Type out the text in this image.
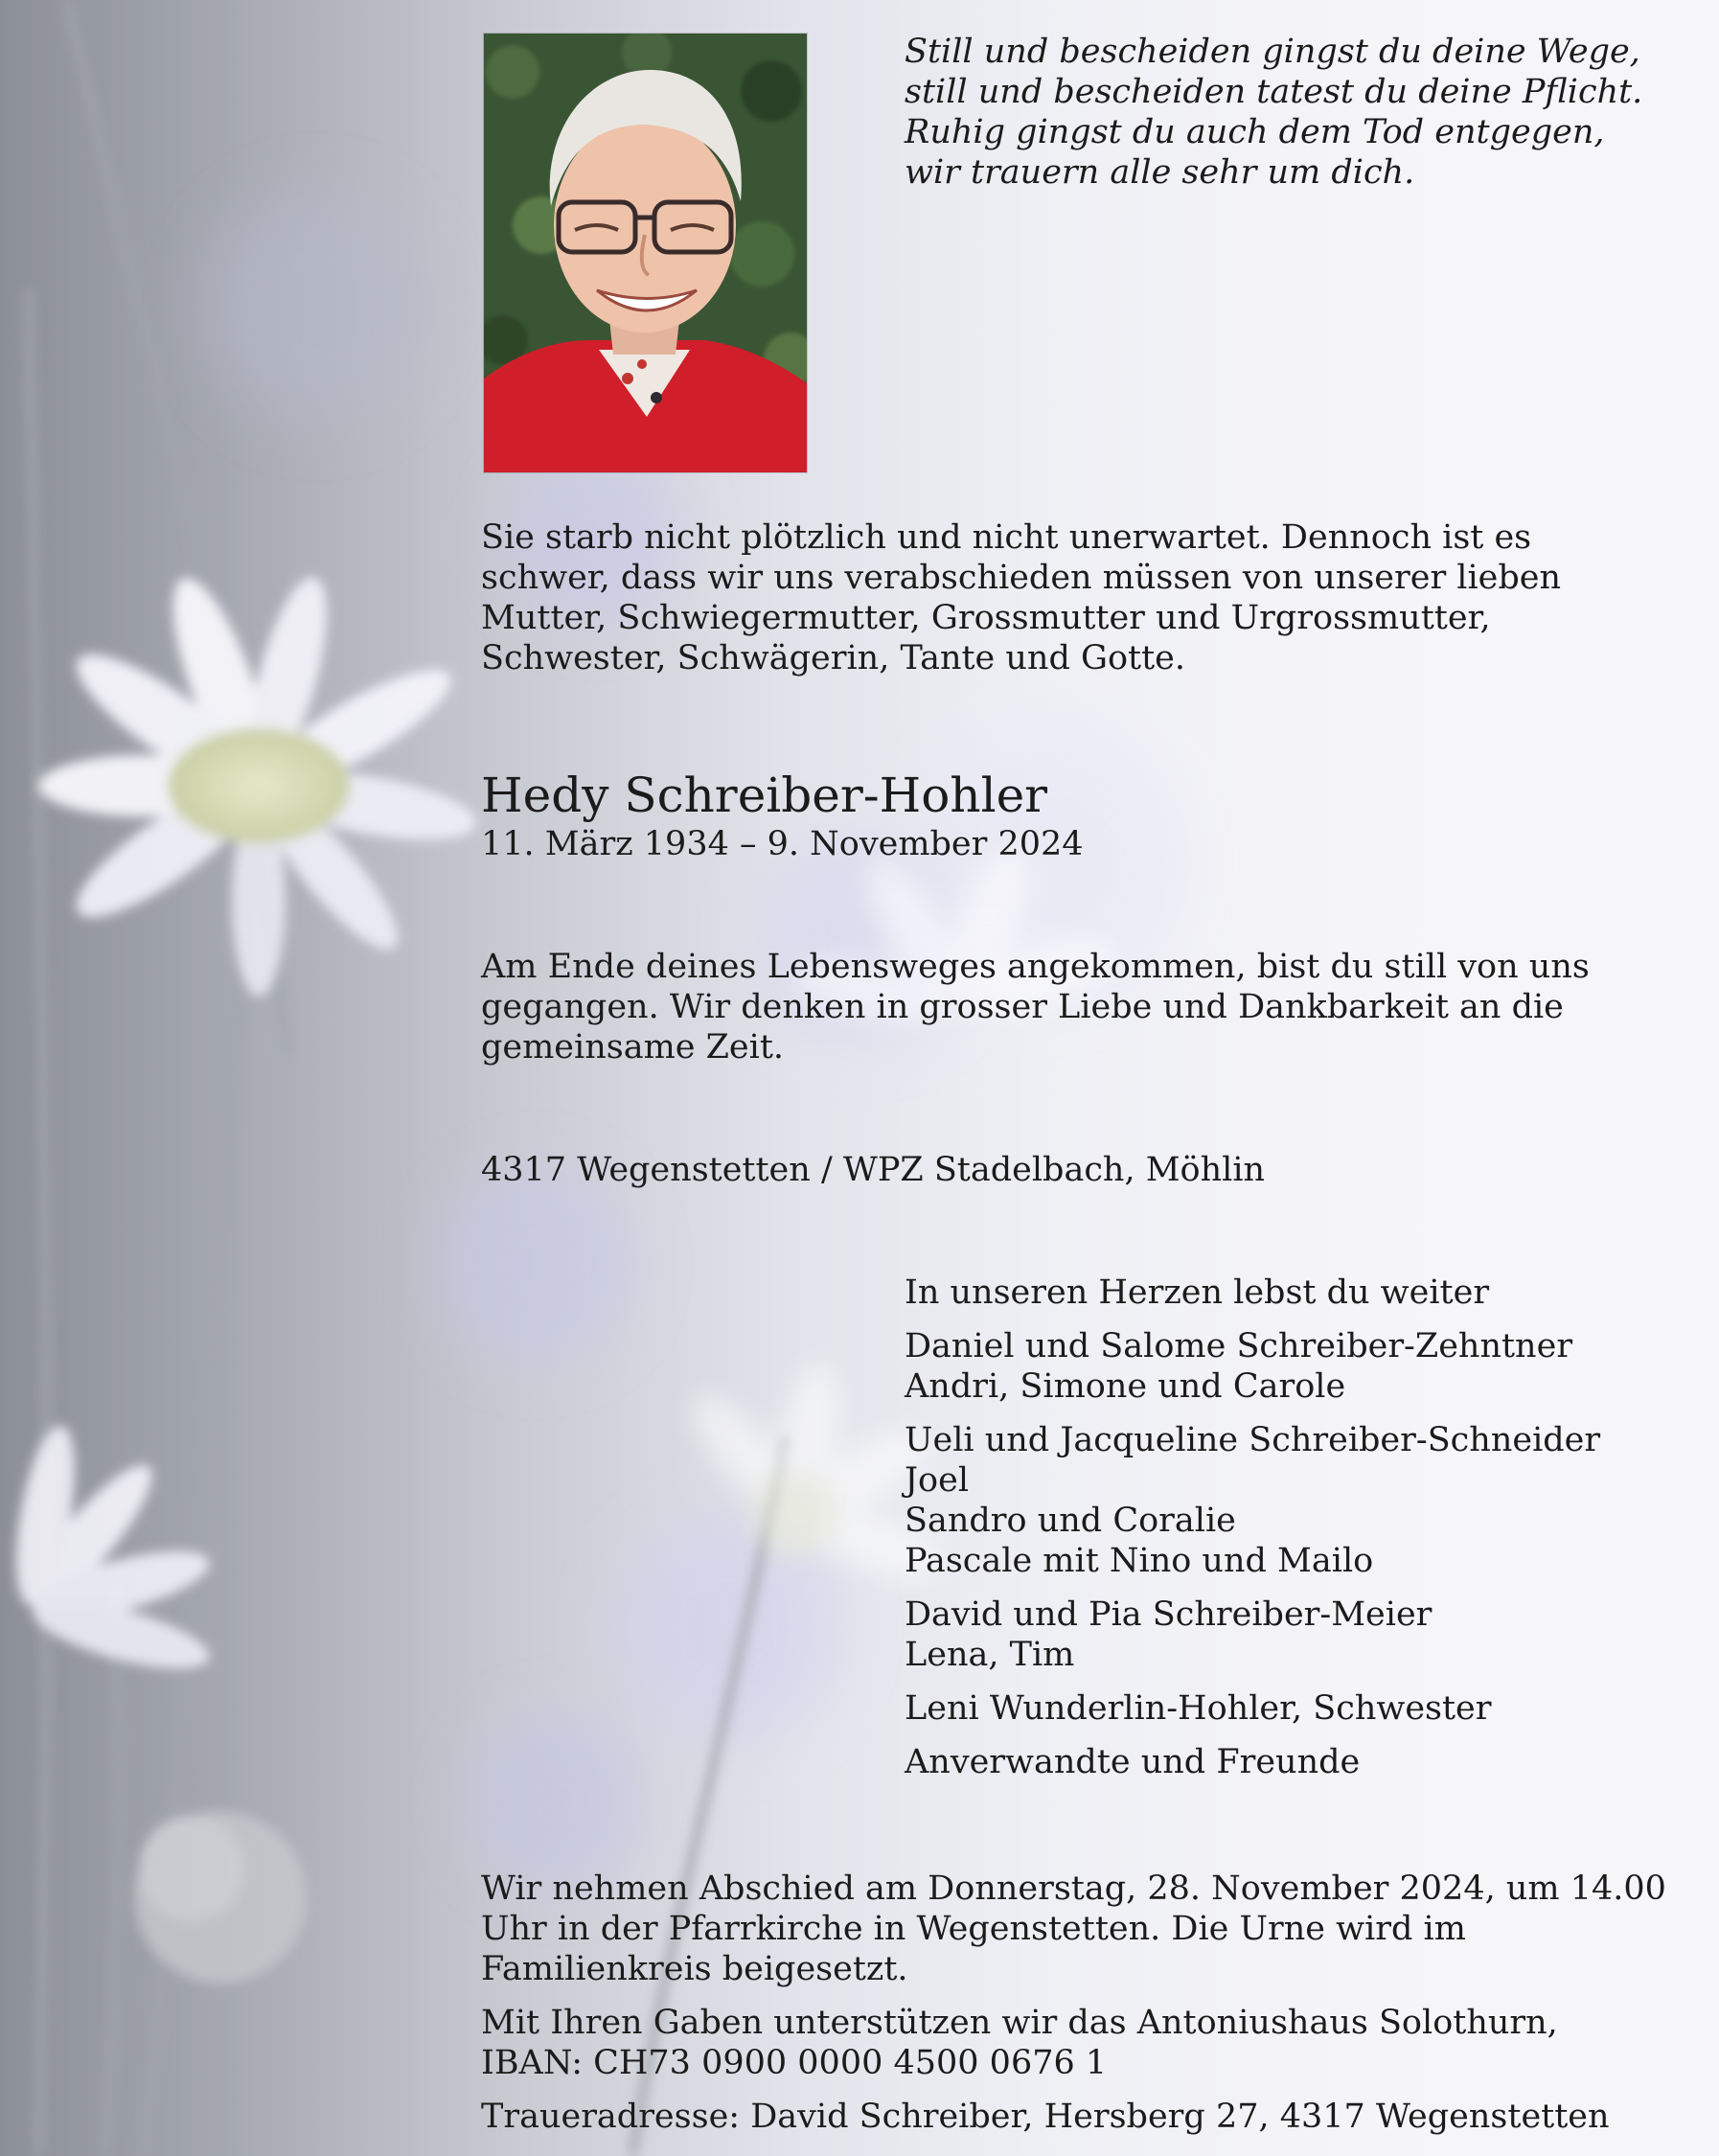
Still und bescheiden gingst du deine Wege,
still und bescheiden tatest du deine Pflicht.
Ruhig gingst du auch dem Tod entgegen,
wir trauern alle sehr um dich.

Sie starb nicht plötzlich und nicht unerwartet. Dennoch ist es schwer, dass wir uns verabschieden müssen von unserer lieben Mutter, Schwiegermutter, Grossmutter und Urgrossmutter, Schwester, Schwägerin, Tante und Gotte.

Hedy Schreiber-Hohler
11. März 1934 – 9. November 2024

Am Ende deines Lebensweges angekommen, bist du still von uns gegangen. Wir denken in grosser Liebe und Dankbarkeit an die gemeinsame Zeit.

4317 Wegenstetten / WPZ Stadelbach, Möhlin

In unseren Herzen lebst du weiter
Daniel und Salome Schreiber-Zehntner
Andri, Simone und Carole
Ueli und Jacqueline Schreiber-Schneider
Joel
Sandro und Coralie
Pascale mit Nino und Mailo
David und Pia Schreiber-Meier
Lena, Tim
Leni Wunderlin-Hohler, Schwester
Anverwandte und Freunde

Wir nehmen Abschied am Donnerstag, 28. November 2024, um 14.00 Uhr in der Pfarrkirche in Wegenstetten. Die Urne wird im Familienkreis beigesetzt.

Mit Ihren Gaben unterstützen wir das Antoniushaus Solothurn,
IBAN: CH73 0900 0000 4500 0676 1

Traueradresse: David Schreiber, Hersberg 27, 4317 Wegenstetten
